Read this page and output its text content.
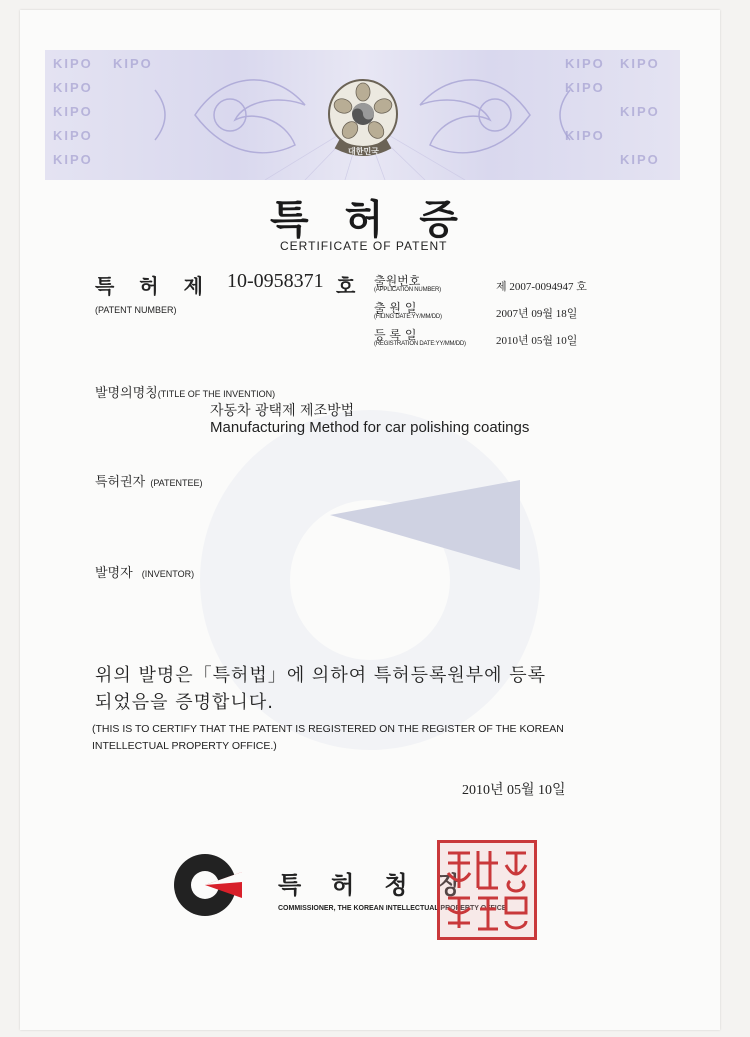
KIPO KIPO
KIPO
KIPO
KIPO
KIPO
KIPO KIPO
KIPO
KIPO
KIPO
KIPO
대한민국
특허증
CERTIFICATE OF PATENT
특 허 제	10-0958371 호
(PATENT NUMBER)
출원번호
(APPLICATION NUMBER)	제 2007-0094947 호
출 원 일
(FILING DATE:YY/MM/DD)	2007년 09월 18일
등 록 일
(REGISTRATION DATE:YY/MM/DD)	2010년 05월 10일
발명의명칭(TITLE OF THE INVENTION)
자동차 광택제 제조방법
Manufacturing Method for car polishing coatings
특허권자 (PATENTEE)
발명자 (INVENTOR)
위의 발명은「특허법」에 의하여 특허등록원부에 등록
되었음을 증명합니다.
(THIS IS TO CERTIFY THAT THE PATENT IS REGISTERED ON THE REGISTER OF THE KOREAN
INTELLECTUAL PROPERTY OFFICE.)
2010년 05월 10일
특허청장
COMMISSIONER, THE KOREAN INTELLECTUAL PROPERTY OFFICE
